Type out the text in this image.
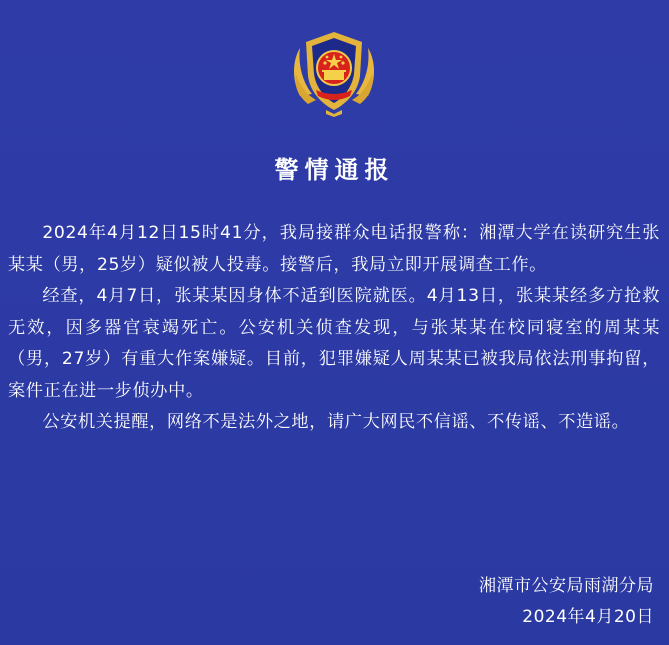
警情通报

2024年4月12日15时41分，我局接群众电话报警称：湘潭大学在读研究生张某某（男，25岁）疑似被人投毒。接警后，我局立即开展调查工作。

经查，4月7日，张某某因身体不适到医院就医。4月13日，张某某经多方抢救无效，因多器官衰竭死亡。公安机关侦查发现，与张某某在校同寝室的周某某（男，27岁）有重大作案嫌疑。目前，犯罪嫌疑人周某某已被我局依法刑事拘留，案件正在进一步侦办中。

公安机关提醒，网络不是法外之地，请广大网民不信谣、不传谣、不造谣。

湘潭市公安局雨湖分局
2024年4月20日
